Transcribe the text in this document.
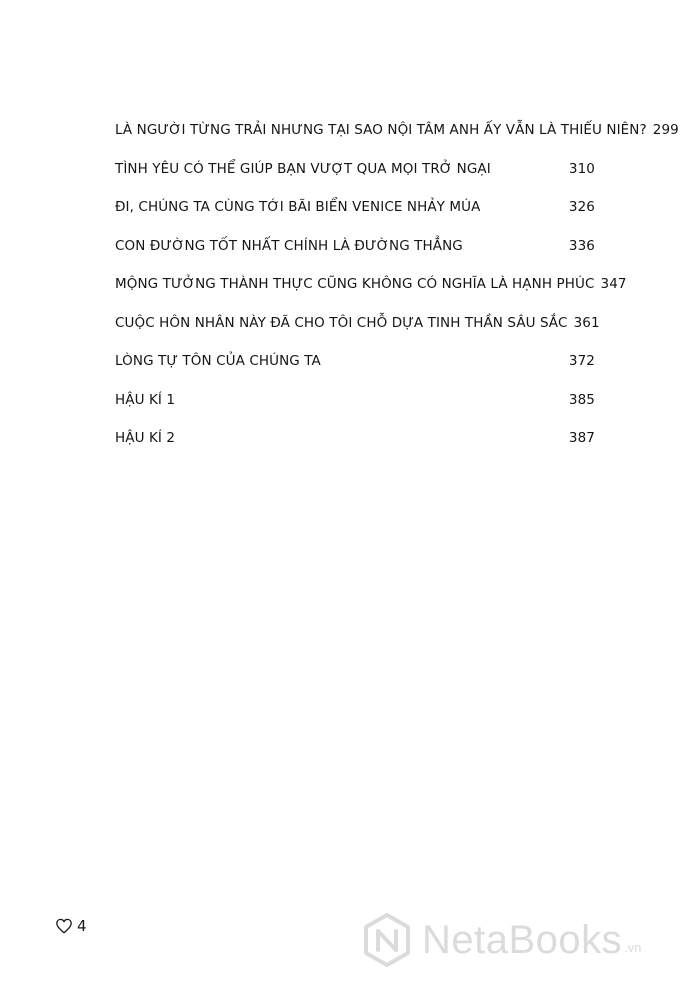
LÀ NGƯỜI TỪNG TRẢI NHƯNG TẠI SAO NỘI TÂM ANH ẤY VẪN LÀ THIẾU NIÊN? 299
TÌNH YÊU CÓ THỂ GIÚP BẠN VƯỢT QUA MỌI TRỞ NGẠI	310
ĐI, CHÚNG TA CÙNG TỚI BÃI BIỂN VENICE NHẢY MÚA	326
CON ĐƯỜNG TỐT NHẤT CHÍNH LÀ ĐƯỜNG THẲNG	336
MỘNG TƯỞNG THÀNH THỰC CŨNG KHÔNG CÓ NGHĨA LÀ HẠNH PHÚC 347
CUỘC HÔN NHÂN NÀY ĐÃ CHO TÔI CHỖ DỰA TINH THẦN SÂU SẮC 361
LÒNG TỰ TÔN CỦA CHÚNG TA	372
HẬU KÍ 1	385
HẬU KÍ 2	387
4	NetaBooks .vn
